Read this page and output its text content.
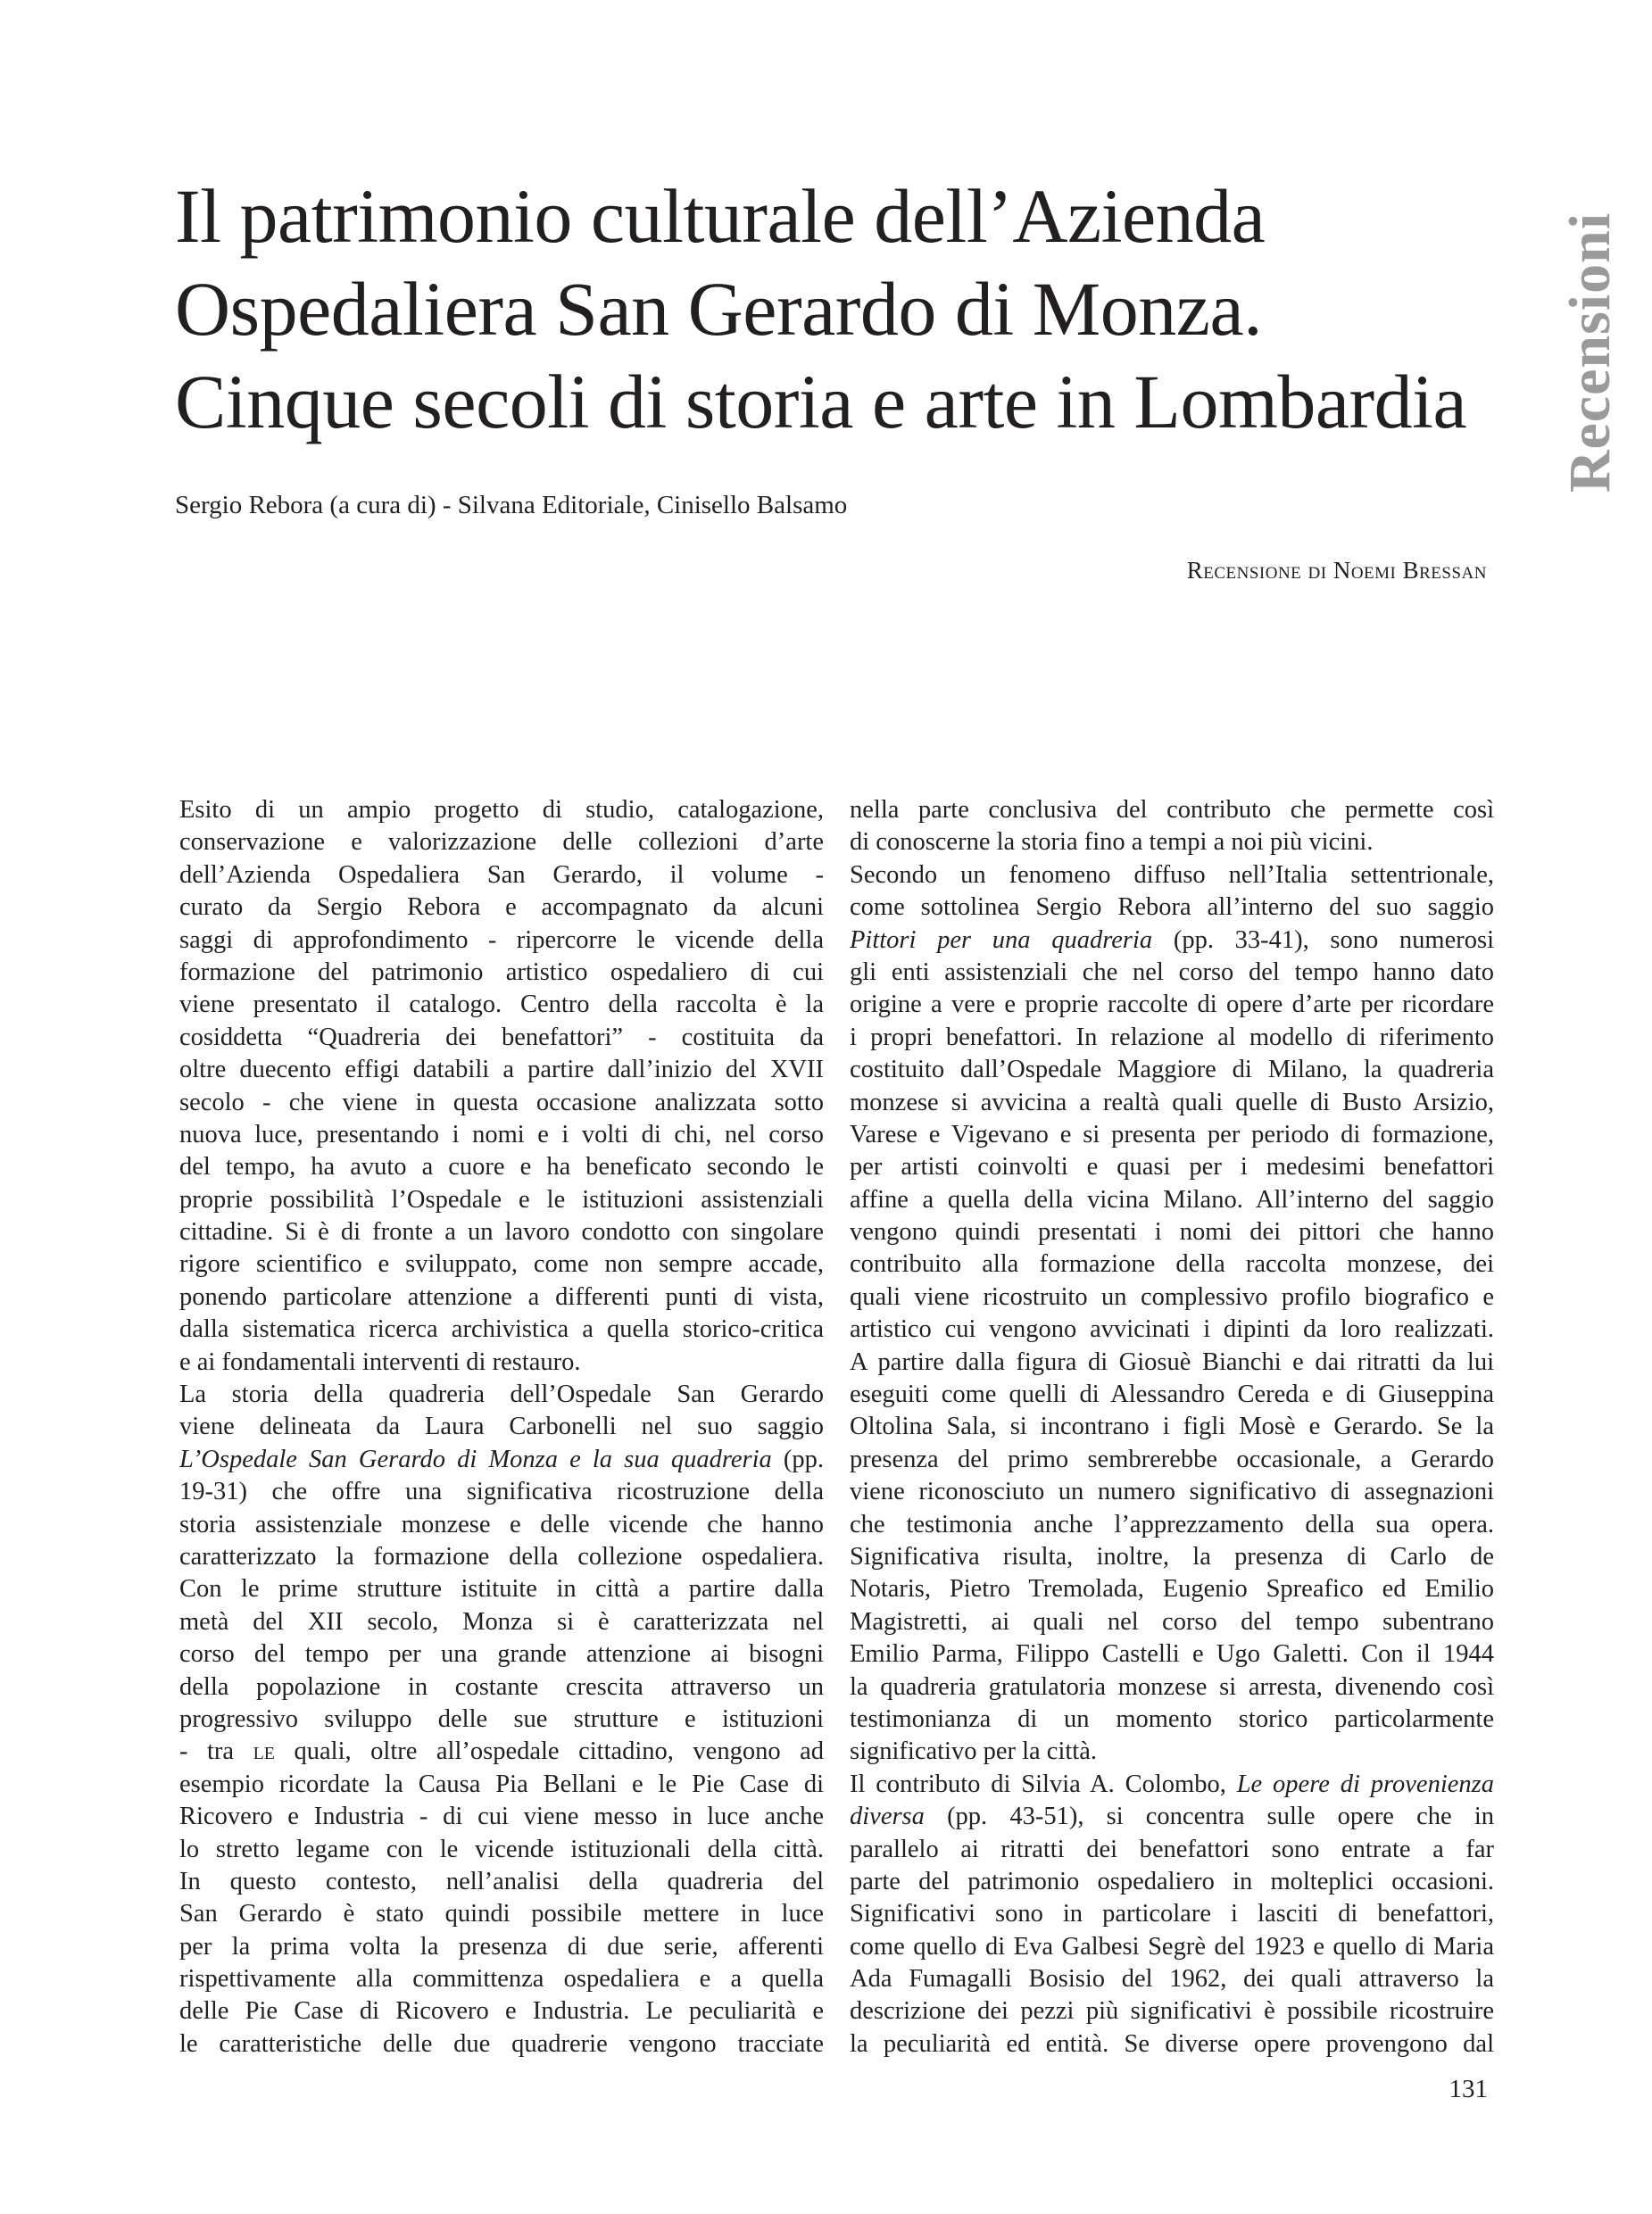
Il patrimonio culturale dell’Azienda
Ospedaliera San Gerardo di Monza.
Cinque secoli di storia e arte in Lombardia	Recensioni
Sergio Rebora (a cura di) - Silvana Editoriale, Cinisello Balsamo
Recensione di Noemi Bressan
Esito di un ampio progetto di studio, catalogazione,
conservazione e valorizzazione delle collezioni d’arte
dell’Azienda Ospedaliera San Gerardo, il volume -
curato da Sergio Rebora e accompagnato da alcuni
saggi di approfondimento - ripercorre le vicende della
formazione del patrimonio artistico ospedaliero di cui
viene presentato il catalogo. Centro della raccolta è la
cosiddetta “Quadreria dei benefattori” - costituita da
oltre duecento effigi databili a partire dall’inizio del XVII
secolo - che viene in questa occasione analizzata sotto
nuova luce, presentando i nomi e i volti di chi, nel corso
del tempo, ha avuto a cuore e ha beneficato secondo le
proprie possibilità l’Ospedale e le istituzioni assistenziali
cittadine. Si è di fronte a un lavoro condotto con singolare
rigore scientifico e sviluppato, come non sempre accade,
ponendo particolare attenzione a differenti punti di vista,
dalla sistematica ricerca archivistica a quella storico-critica
e ai fondamentali interventi di restauro.
La storia della quadreria dell’Ospedale San Gerardo
viene delineata da Laura Carbonelli nel suo saggio
L’Ospedale San Gerardo di Monza e la sua quadreria (pp.
19-31) che offre una significativa ricostruzione della
storia assistenziale monzese e delle vicende che hanno
caratterizzato la formazione della collezione ospedaliera.
Con le prime strutture istituite in città a partire dalla
metà del XII secolo, Monza si è caratterizzata nel
corso del tempo per una grande attenzione ai bisogni
della popolazione in costante crescita attraverso un
progressivo sviluppo delle sue strutture e istituzioni
- tra le quali, oltre all’ospedale cittadino, vengono ad
esempio ricordate la Causa Pia Bellani e le Pie Case di
Ricovero e Industria - di cui viene messo in luce anche
lo stretto legame con le vicende istituzionali della città.
In questo contesto, nell’analisi della quadreria del
San Gerardo è stato quindi possibile mettere in luce
per la prima volta la presenza di due serie, afferenti
rispettivamente alla committenza ospedaliera e a quella
delle Pie Case di Ricovero e Industria. Le peculiarità e
le caratteristiche delle due quadrerie vengono tracciate
nella parte conclusiva del contributo che permette così
di conoscerne la storia fino a tempi a noi più vicini.
Secondo un fenomeno diffuso nell’Italia settentrionale,
come sottolinea Sergio Rebora all’interno del suo saggio
Pittori per una quadreria (pp. 33-41), sono numerosi
gli enti assistenziali che nel corso del tempo hanno dato
origine a vere e proprie raccolte di opere d’arte per ricordare
i propri benefattori. In relazione al modello di riferimento
costituito dall’Ospedale Maggiore di Milano, la quadreria
monzese si avvicina a realtà quali quelle di Busto Arsizio,
Varese e Vigevano e si presenta per periodo di formazione,
per artisti coinvolti e quasi per i medesimi benefattori
affine a quella della vicina Milano. All’interno del saggio
vengono quindi presentati i nomi dei pittori che hanno
contribuito alla formazione della raccolta monzese, dei
quali viene ricostruito un complessivo profilo biografico e
artistico cui vengono avvicinati i dipinti da loro realizzati.
A partire dalla figura di Giosuè Bianchi e dai ritratti da lui
eseguiti come quelli di Alessandro Cereda e di Giuseppina
Oltolina Sala, si incontrano i figli Mosè e Gerardo. Se la
presenza del primo sembrerebbe occasionale, a Gerardo
viene riconosciuto un numero significativo di assegnazioni
che testimonia anche l’apprezzamento della sua opera.
Significativa risulta, inoltre, la presenza di Carlo de
Notaris, Pietro Tremolada, Eugenio Spreafico ed Emilio
Magistretti, ai quali nel corso del tempo subentrano
Emilio Parma, Filippo Castelli e Ugo Galetti. Con il 1944
la quadreria gratulatoria monzese si arresta, divenendo così
testimonianza di un momento storico particolarmente
significativo per la città.
Il contributo di Silvia A. Colombo, Le opere di provenienza
diversa (pp. 43-51), si concentra sulle opere che in
parallelo ai ritratti dei benefattori sono entrate a far
parte del patrimonio ospedaliero in molteplici occasioni.
Significativi sono in particolare i lasciti di benefattori,
come quello di Eva Galbesi Segrè del 1923 e quello di Maria
Ada Fumagalli Bosisio del 1962, dei quali attraverso la
descrizione dei pezzi più significativi è possibile ricostruire
la peculiarità ed entità. Se diverse opere provengono dal
131
